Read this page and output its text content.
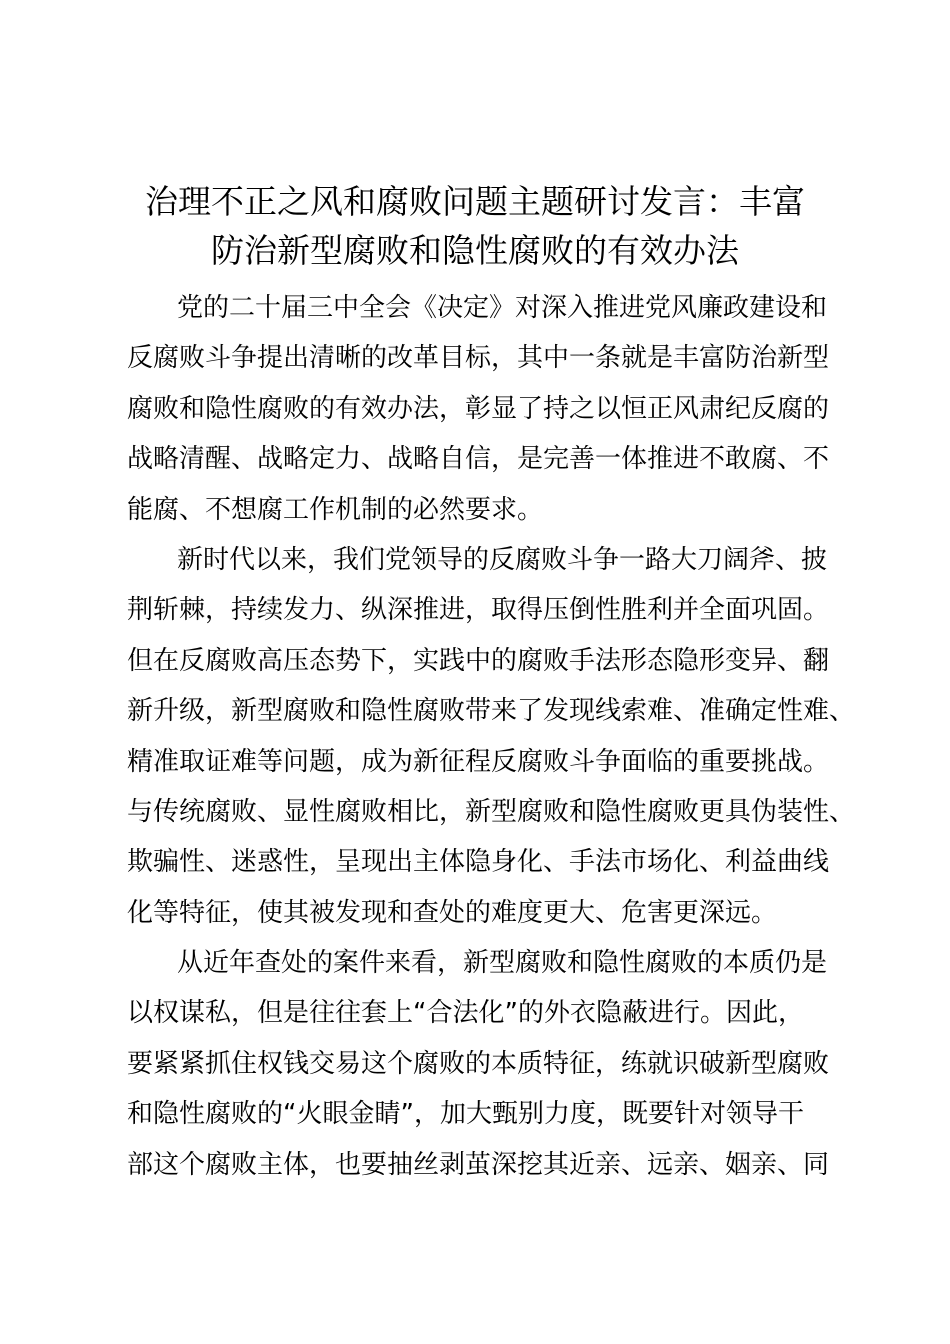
治理不正之风和腐败问题主题研讨发言：丰富
防治新型腐败和隐性腐败的有效办法

党的二十届三中全会《决定》对深入推进党风廉政建设和
反腐败斗争提出清晰的改革目标，其中一条就是丰富防治新型
腐败和隐性腐败的有效办法，彰显了持之以恒正风肃纪反腐的
战略清醒、战略定力、战略自信，是完善一体推进不敢腐、不
能腐、不想腐工作机制的必然要求。

新时代以来，我们党领导的反腐败斗争一路大刀阔斧、披
荆斩棘，持续发力、纵深推进，取得压倒性胜利并全面巩固。
但在反腐败高压态势下，实践中的腐败手法形态隐形变异、翻
新升级，新型腐败和隐性腐败带来了发现线索难、准确定性难、
精准取证难等问题，成为新征程反腐败斗争面临的重要挑战。
与传统腐败、显性腐败相比，新型腐败和隐性腐败更具伪装性、
欺骗性、迷惑性，呈现出主体隐身化、手法市场化、利益曲线
化等特征，使其被发现和查处的难度更大、危害更深远。

从近年查处的案件来看，新型腐败和隐性腐败的本质仍是
以权谋私，但是往往套上“合法化”的外衣隐蔽进行。因此，
要紧紧抓住权钱交易这个腐败的本质特征，练就识破新型腐败
和隐性腐败的“火眼金睛”，加大甄别力度，既要针对领导干
部这个腐败主体，也要抽丝剥茧深挖其近亲、远亲、姻亲、同
